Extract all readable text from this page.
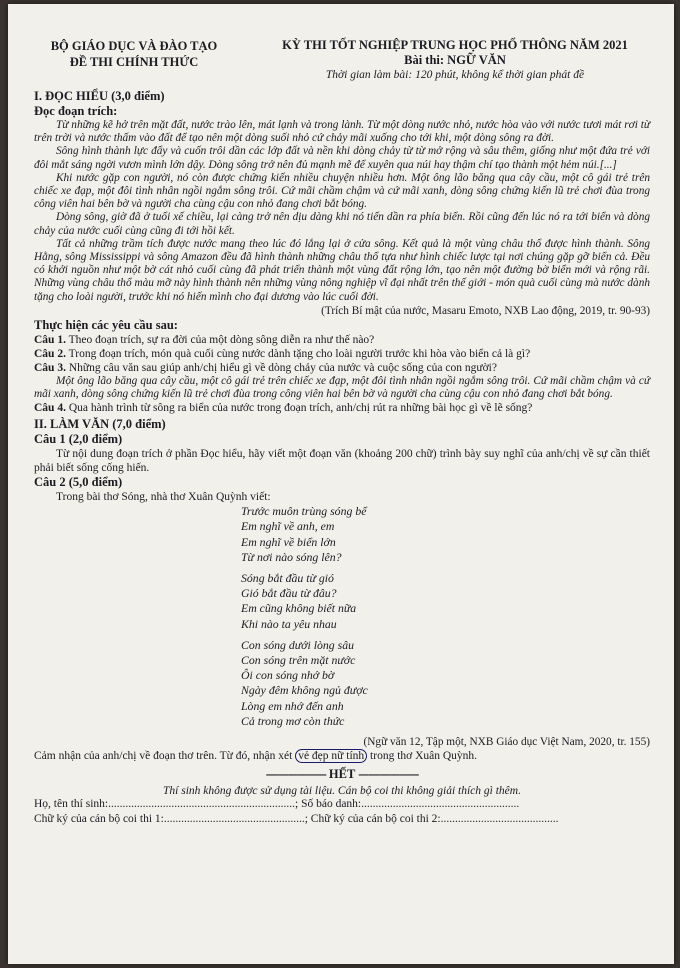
BỘ GIÁO DỤC VÀ ĐÀO TẠO
ĐỀ THI CHÍNH THỨC
KỲ THI TỐT NGHIỆP TRUNG HỌC PHỔ THÔNG NĂM 2021
Bài thi: NGỮ VĂN
Thời gian làm bài: 120 phút, không kể thời gian phát đề
I. ĐỌC HIỂU (3,0 điểm)
Đọc đoạn trích:

Từ những kẽ hở trên mặt đất, nước trào lên, mát lạnh và trong lành. Từ một dòng nước nhỏ, nước hòa vào với nước tươi mát rơi từ trên trời và nước thấm vào đất để tạo nên một dòng suối nhỏ cứ chảy mãi xuống cho tới khi, một dòng sông ra đời.

Sông hình thành lực đẩy và cuốn trôi dần các lớp đất và nền khi dòng chảy từ từ mở rộng và sâu thêm, giống như một đứa trẻ với đôi mắt sáng ngời vươn mình lớn dậy. Dòng sông trở nên đủ mạnh mẽ để xuyên qua núi hay thậm chí tạo thành một hẻm núi.[...]

Khi nước gặp con người, nó còn được chứng kiến nhiều chuyện nhiều hơn. Một ông lão băng qua cây cầu, một cô gái trẻ trên chiếc xe đạp, một đôi tình nhân ngồi ngắm sông trôi. Cứ mãi chầm chậm và cứ mãi xanh, dòng sông chứng kiến lũ trẻ chơi đùa trong công viên hai bên bờ và người cha cùng cậu con nhỏ đang chơi bắt bóng.

Dòng sông, giờ đã ở tuổi xế chiều, lại càng trở nên dịu dàng khi nó tiến dần ra phía biển. Rồi cũng đến lúc nó ra tới biển và dòng chảy của nước cuối cùng cũng đi tới hồi kết.

Tất cả những trầm tích được nước mang theo lúc đó lắng lại ở cửa sông. Kết quả là một vùng châu thổ được hình thành. Sông Hằng, sông Mississippi và sông Amazon đều đã hình thành những châu thổ tựa như hình chiếc lược tại nơi chúng gặp gỡ biển cả. Đều có khởi nguồn như một bờ cát nhỏ cuối cùng đã phát triển thành một vùng đất rộng lớn, tạo nên một đường bờ biển mới và rộng rãi. Những vùng châu thổ màu mỡ này hình thành nên những vùng nông nghiệp vĩ đại nhất trên thế giới - món quà cuối cùng mà nước dành tặng cho loài người, trước khi nó hiến mình cho đại dương vào lúc cuối đời.

(Trích Bí mật của nước, Masaru Emoto, NXB Lao động, 2019, tr. 90-93)
Thực hiện các yêu cầu sau:

Câu 1. Theo đoạn trích, sự ra đời của một dòng sông diễn ra như thế nào?

Câu 2. Trong đoạn trích, món quà cuối cùng nước dành tặng cho loài người trước khi hòa vào biển cả là gì?

Câu 3. Những câu văn sau giúp anh/chị hiểu gì về dòng chảy của nước và cuộc sống của con người?

Một ông lão băng qua cây cầu, một cô gái trẻ trên chiếc xe đạp, một đôi tình nhân ngồi ngắm sông trôi. Cứ mãi chầm chậm và cứ mãi xanh, dòng sông chứng kiến lũ trẻ chơi đùa trong công viên hai bên bờ và người cha cùng cậu con nhỏ đang chơi bắt bóng.

Câu 4. Qua hành trình từ sông ra biển của nước trong đoạn trích, anh/chị rút ra những bài học gì về lẽ sống?

II. LÀM VĂN (7,0 điểm)
Câu 1 (2,0 điểm)

Từ nội dung đoạn trích ở phần Đọc hiểu, hãy viết một đoạn văn (khoảng 200 chữ) trình bày suy nghĩ của anh/chị về sự cần thiết phải biết sống cống hiến.

Câu 2 (5,0 điểm)

Trong bài thơ Sóng, nhà thơ Xuân Quỳnh viết:

Trước muôn trùng sóng bể
Em nghĩ về anh, em
Em nghĩ về biển lớn
Từ nơi nào sóng lên?
Sóng bắt đầu từ gió
Gió bắt đầu từ đâu?
Em cũng không biết nữa
Khi nào ta yêu nhau
Con sóng dưới lòng sâu
Con sóng trên mặt nước
Ôi con sóng nhớ bờ
Ngày đêm không ngủ được
Lòng em nhớ đến anh
Cả trong mơ còn thức
(Ngữ văn 12, Tập một, NXB Giáo dục Việt Nam, 2020, tr. 155)

Cảm nhận của anh/chị về đoạn thơ trên. Từ đó, nhận xét vẻ đẹp nữ tính trong thơ Xuân Quỳnh.

------------------- HẾT -------------------
Thí sinh không được sử dụng tài liệu. Cán bộ coi thi không giải thích gì thêm.
Họ, tên thí sinh:.................................................................; Số báo danh:.......................................................
Chữ ký của cán bộ coi thi 1:.................................................; Chữ ký của cán bộ coi thi 2:.........................................
